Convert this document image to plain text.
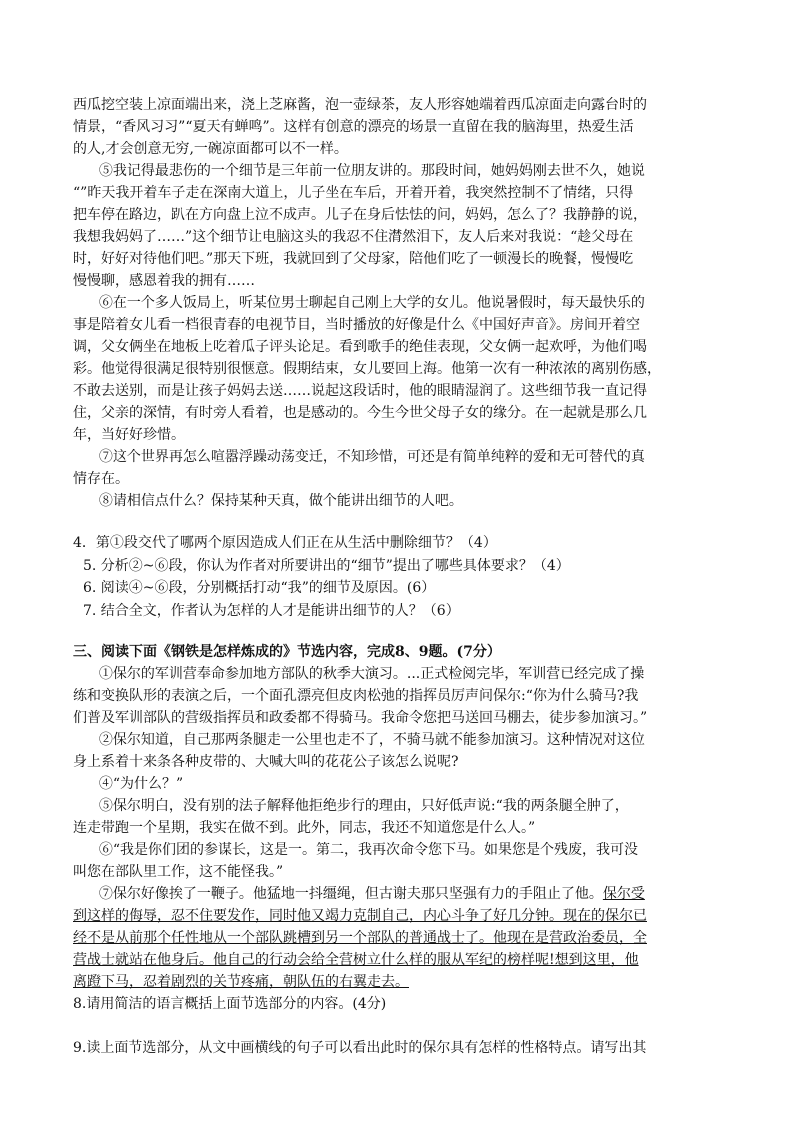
西瓜挖空装上凉面端出来，浇上芝麻酱，泡一壶绿茶，友人形容她端着西瓜凉面走向露台时的
情景，“香风习习”“夏天有蝉鸣”。这样有创意的漂亮的场景一直留在我的脑海里，热爱生活
的人,才会创意无穷,一碗凉面都可以不一样。

⑤我记得最悲伤的一个细节是三年前一位朋友讲的。那段时间，她妈妈刚去世不久，她说
“”昨天我开着车子走在深南大道上，儿子坐在车后，开着开着，我突然控制不了情绪，只得
把车停在路边，趴在方向盘上泣不成声。儿子在身后怯怯的问，妈妈，怎么了？我静静的说，
我想我妈妈了……”这个细节让电脑这头的我忍不住潸然泪下，友人后来对我说：“趁父母在
时，好好对待他们吧。”那天下班，我就回到了父母家，陪他们吃了一顿漫长的晚餐，慢慢吃
慢慢聊，感恩着我的拥有……

⑥在一个多人饭局上，听某位男士聊起自己刚上大学的女儿。他说暑假时，每天最快乐的
事是陪着女儿看一档很青春的电视节目，当时播放的好像是什么《中国好声音》。房间开着空
调，父女俩坐在地板上吃着瓜子评头论足。看到歌手的绝佳表现，父女俩一起欢呼，为他们喝
彩。他觉得很满足很特别很惬意。假期结束，女儿要回上海。他第一次有一种浓浓的离别伤感，
不敢去送别，而是让孩子妈妈去送……说起这段话时，他的眼睛湿润了。这些细节我一直记得
住，父亲的深情，有时旁人看着，也是感动的。今生今世父母子女的缘分。在一起就是那么几
年，当好好珍惜。

⑦这个世界再怎么喧嚣浮躁动荡变迁，不知珍惜，可还是有简单纯粹的爱和无可替代的真
情存在。

⑧请相信点什么？保持某种天真，做个能讲出细节的人吧。

4．第①段交代了哪两个原因造成人们正在从生活中删除细节？（4）

5. 分析②~⑥段，你认为作者对所要讲出的“细节”提出了哪些具体要求？（4）

6. 阅读④~⑥段，分别概括打动“我”的细节及原因。(6）

7. 结合全文，作者认为怎样的人才是能讲出细节的人？（6）

三、阅读下面《钢铁是怎样炼成的》节选内容，完成8、9题。(7分）

①保尔的军训营奉命参加地方部队的秋季大演习。...正式检阅完毕，军训营已经完成了操
练和变换队形的表演之后，一个面孔漂亮但皮肉松弛的指挥员厉声问保尔:“你为什么骑马?我
们普及军训部队的营级指挥员和政委都不得骑马。我命令您把马送回马棚去，徒步参加演习。”

②保尔知道，自己那两条腿走一公里也走不了，不骑马就不能参加演习。这种情况对这位
身上系着十来条各种皮带的、大喊大叫的花花公子该怎么说呢?

④“为什么？”

⑤保尔明白，没有别的法子解释他拒绝步行的理由，只好低声说:“我的两条腿全肿了，
连走带跑一个星期，我实在做不到。此外，同志，我还不知道您是什么人。”

⑥“我是你们团的参谋长，这是一。第二，我再次命令您下马。如果您是个残废，我可没
叫您在部队里工作，这不能怪我。”

⑦保尔好像挨了一鞭子。他猛地一抖缰绳，但古谢夫那只坚强有力的手阻止了他。保尔受
到这样的侮辱，忍不住要发作，同时他又竭力克制自己，内心斗争了好几分钟。现在的保尔已
经不是从前那个任性地从一个部队跳槽到另一个部队的普通战士了。他现在是营政治委员，全
营战士就站在他身后。他自己的行动会给全营树立什么样的服从军纪的榜样呢!想到这里，他
离蹬下马，忍着剧烈的关节疼痛，朝队伍的右翼走去。

8.请用简洁的语言概括上面节选部分的内容。(4分)

9.读上面节选部分，从文中画横线的句子可以看出此时的保尔具有怎样的性格特点。请写出其
